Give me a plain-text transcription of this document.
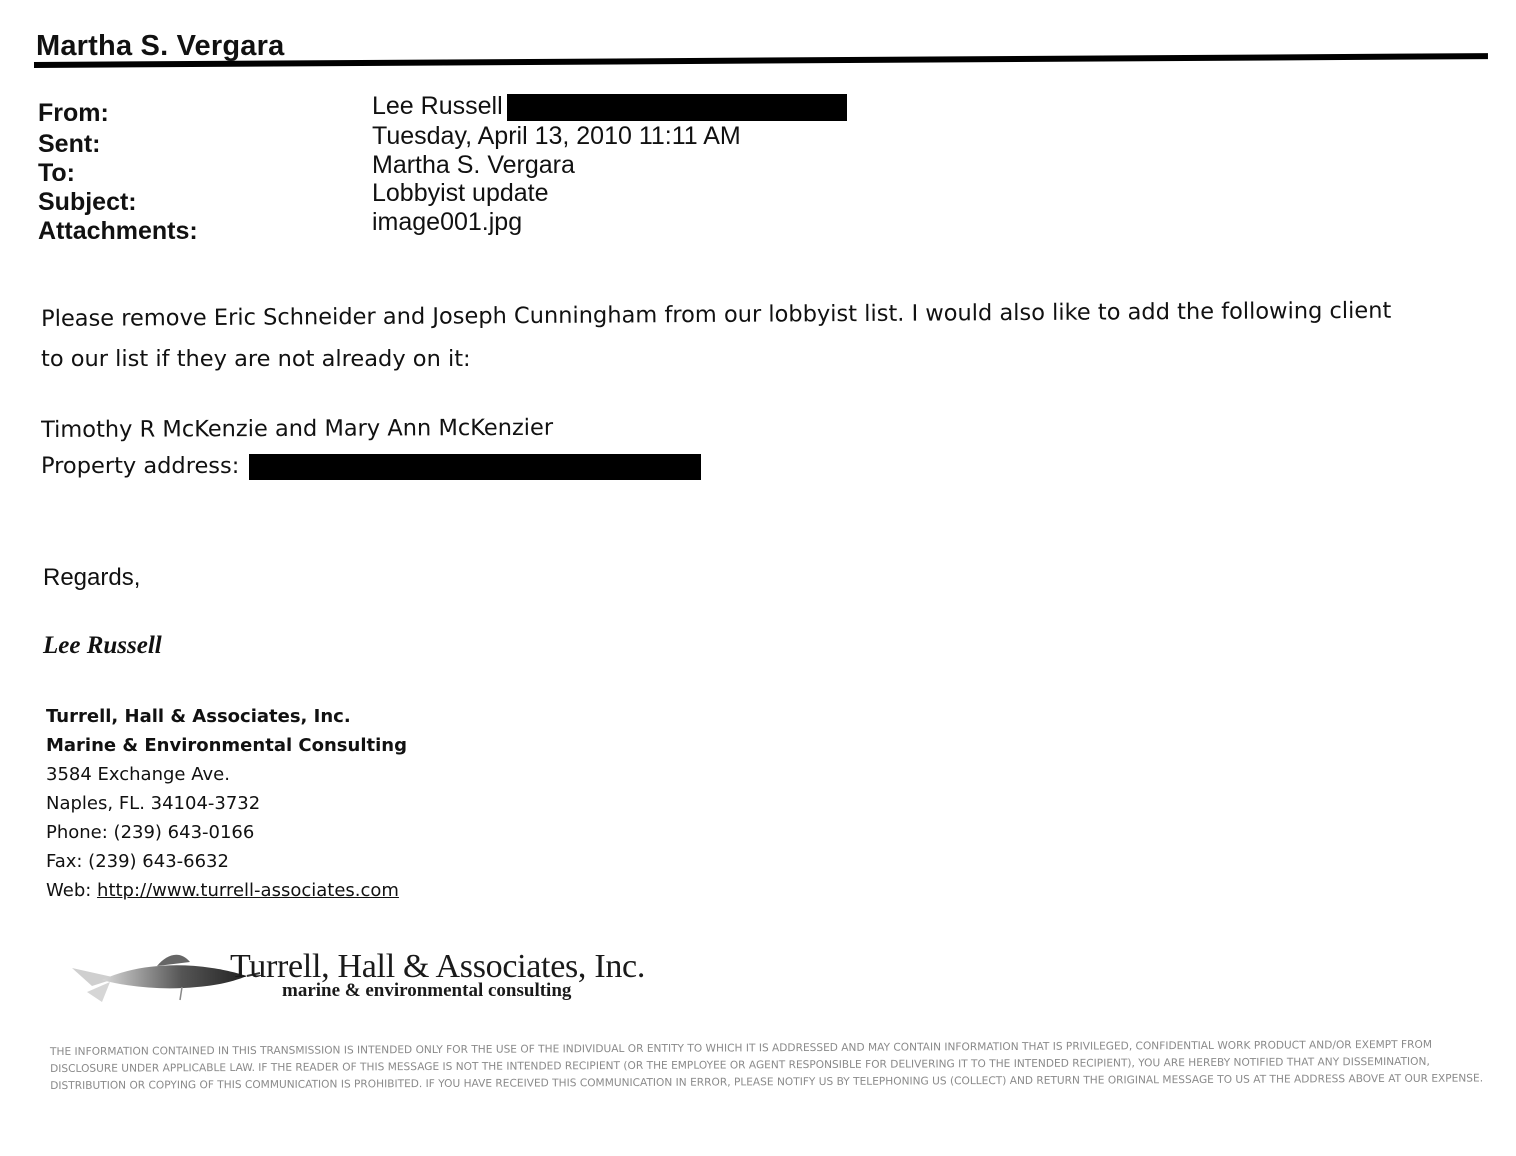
Martha S. Vergara
From:	Lee Russell
Sent:	Tuesday, April 13, 2010 11:11 AM
To:	Martha S. Vergara
Subject:	Lobbyist update
Attachments:	image001.jpg
Please remove Eric Schneider and Joseph Cunningham from our lobbyist list. I would also like to add the following client
to our list if they are not already on it:
Timothy R McKenzie and Mary Ann McKenzier
Property address:
Regards,
Lee Russell
Turrell, Hall & Associates, Inc.
Marine & Environmental Consulting
3584 Exchange Ave.
Naples, FL. 34104-3732
Phone: (239) 643-0166
Fax: (239) 643-6632
Web: http://www.turrell-associates.com
Turrell, Hall & Associates, Inc.
marine & environmental consulting
THE INFORMATION CONTAINED IN THIS TRANSMISSION IS INTENDED ONLY FOR THE USE OF THE INDIVIDUAL OR ENTITY TO WHICH IT IS ADDRESSED AND MAY CONTAIN INFORMATION THAT IS PRIVILEGED, CONFIDENTIAL WORK PRODUCT AND/OR EXEMPT FROM DISCLOSURE UNDER APPLICABLE LAW. IF THE READER OF THIS MESSAGE IS NOT THE INTENDED RECIPIENT (OR THE EMPLOYEE OR AGENT RESPONSIBLE FOR DELIVERING IT TO THE INTENDED RECIPIENT), YOU ARE HEREBY NOTIFIED THAT ANY DISSEMINATION, DISTRIBUTION OR COPYING OF THIS COMMUNICATION IS PROHIBITED. IF YOU HAVE RECEIVED THIS COMMUNICATION IN ERROR, PLEASE NOTIFY US BY TELEPHONING US (COLLECT) AND RETURN THE ORIGINAL MESSAGE TO US AT THE ADDRESS ABOVE AT OUR EXPENSE.
